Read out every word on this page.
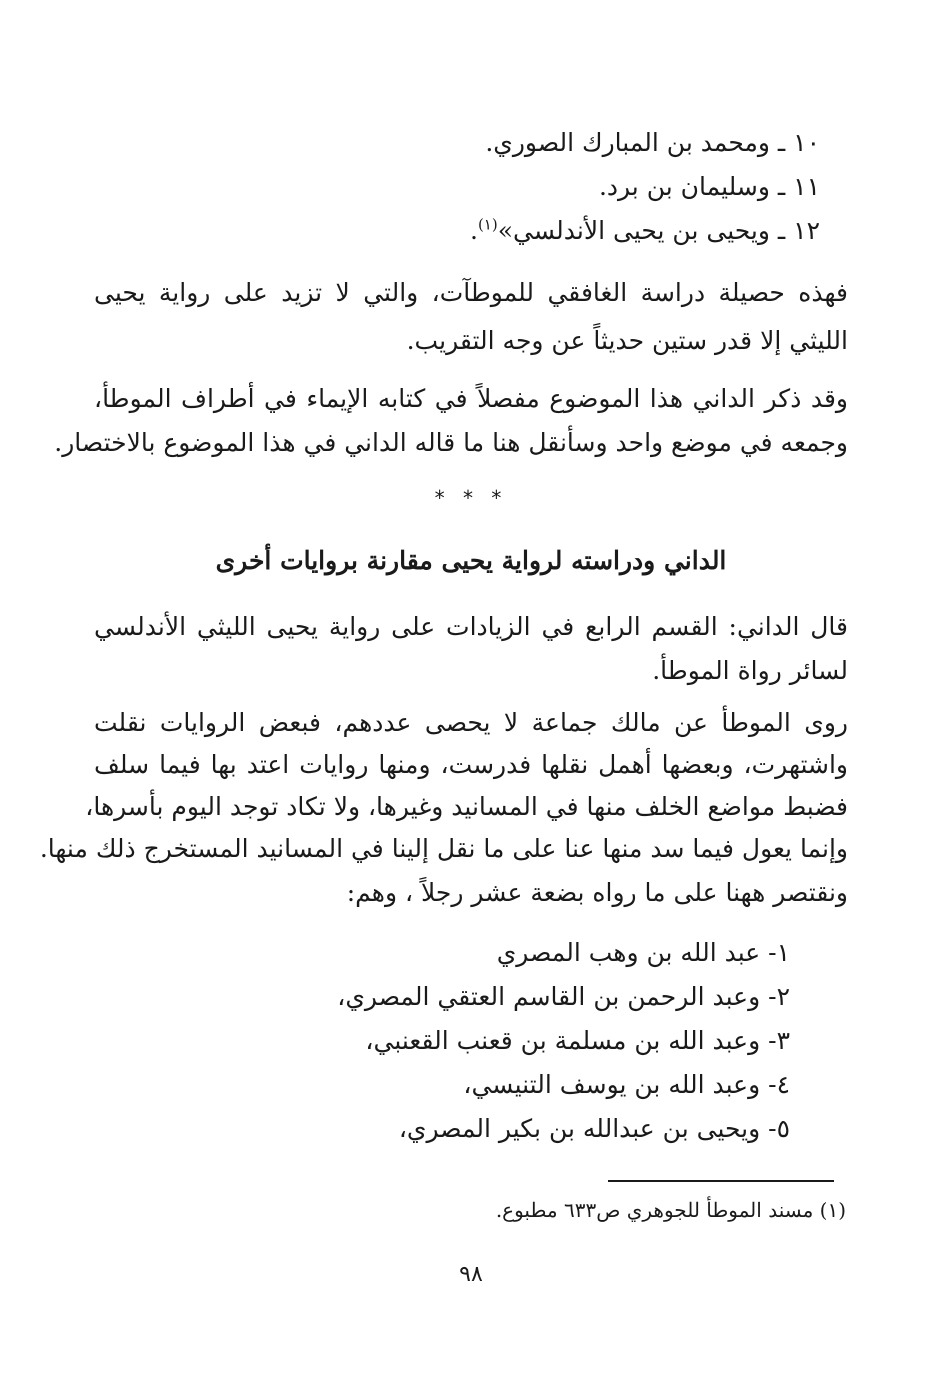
١٠ ـ ومحمد بن المبارك الصوري.
١١ ـ وسليمان بن برد.
١٢ ـ ويحيى بن يحيى الأندلسي»$^{(١)}$.
فهذه حصيلة دراسة الغافقي للموطآت، والتي لا تزيد على رواية يحيى
الليثي إلا قدر ستين حديثاً عن وجه التقريب.
وقد ذكر الداني هذا الموضوع مفصلاً في كتابه الإيماء في أطراف الموطأ،
وجمعه في موضع واحد وسأنقل هنا ما قاله الداني في هذا الموضوع بالاختصار.
* * *
الداني ودراسته لرواية يحيى مقارنة بروايات أخرى
قال الداني: القسم الرابع في الزيادات على رواية يحيى الليثي الأندلسي
لسائر رواة الموطأ.
روى الموطأ عن مالك جماعة لا يحصى عددهم، فبعض الروايات نقلت
واشتهرت، وبعضها أهمل نقلها فدرست، ومنها روايات اعتد بها فيما سلف
فضبط مواضع الخلف منها في المسانيد وغيرها، ولا تكاد توجد اليوم بأسرها،
وإنما يعول فيما سد منها عنا على ما نقل إلينا في المسانيد المستخرج ذلك منها.
ونقتصر ههنا على ما رواه بضعة عشر رجلاً ، وهم:
١- عبد الله بن وهب المصري
٢- وعبد الرحمن بن القاسم العتقي المصري،
٣- وعبد الله بن مسلمة بن قعنب القعنبي،
٤- وعبد الله بن يوسف التنيسي،
٥- ويحيى بن عبدالله بن بكير المصري،
(١) مسند الموطأ للجوهري ص٦٣٣ مطبوع.
٩٨
